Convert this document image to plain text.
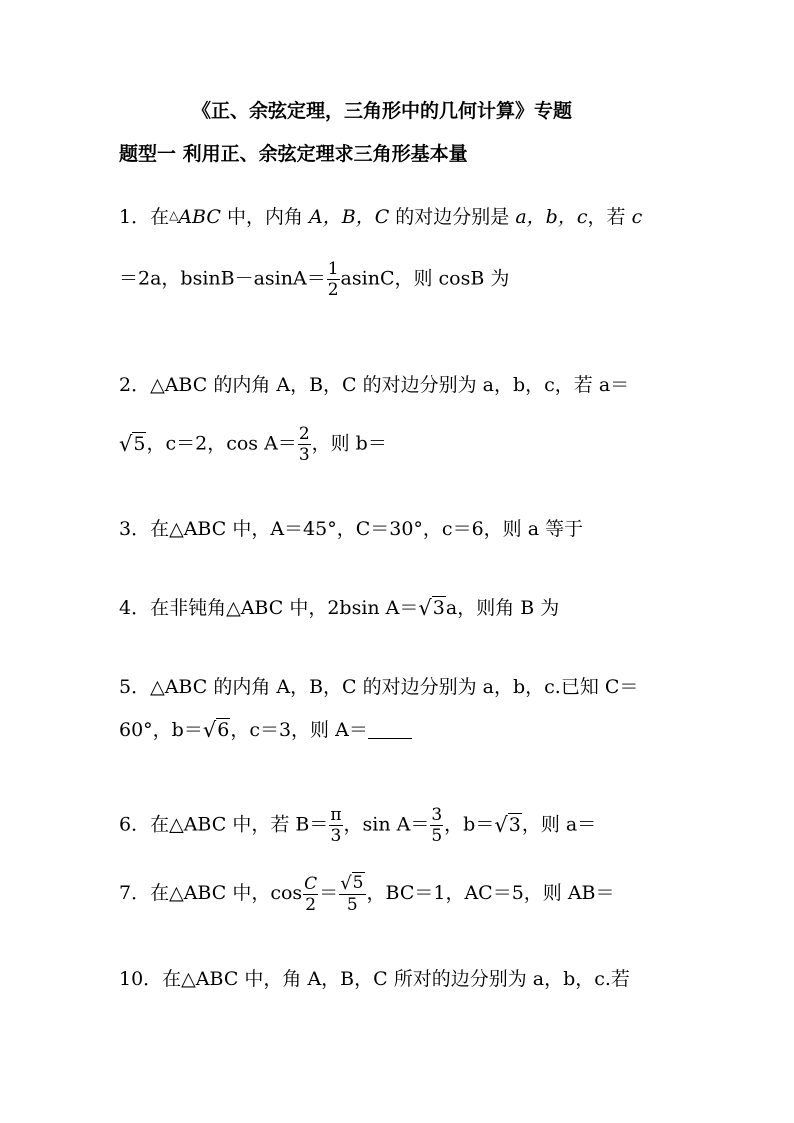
《正、余弦定理，三角形中的几何计算》专题
题型一 利用正、余弦定理求三角形基本量
1．在△ABC 中，内角 A，B，C 的对边分别是 a，b，c，若 c
＝2a，$bsinB-asinA= \frac{1}{2}$ asinC，则 cosB 为
2．△ABC 的内角 A，B，C 的对边分别为 a，b，c，若 a＝
√5，c＝2，$\cos A= \frac{2}{3}$ ，则 b＝
3．在△ABC 中，A＝45°，C＝30°，c＝6，则 a 等于
4．在非钝角△ABC 中，2bsin A＝√3a，则角 B 为
5．△ABC 的内角 A，B，C 的对边分别为 a，b，c.已知 C＝
60°，b＝√6，c＝3，则 A＝
6．在△ABC 中，若 $B= \frac{\pi}{3}$ ，$\sin A= \frac{3}{5}$ ，b＝√3，则 a＝
7．在△ABC 中，$\cos \frac{C}{2} = \frac{√5}{5}$ ，BC＝1，AC＝5，则 AB＝
10．在△ABC 中，角 A，B，C 所对的边分别为 a，b，c.若
